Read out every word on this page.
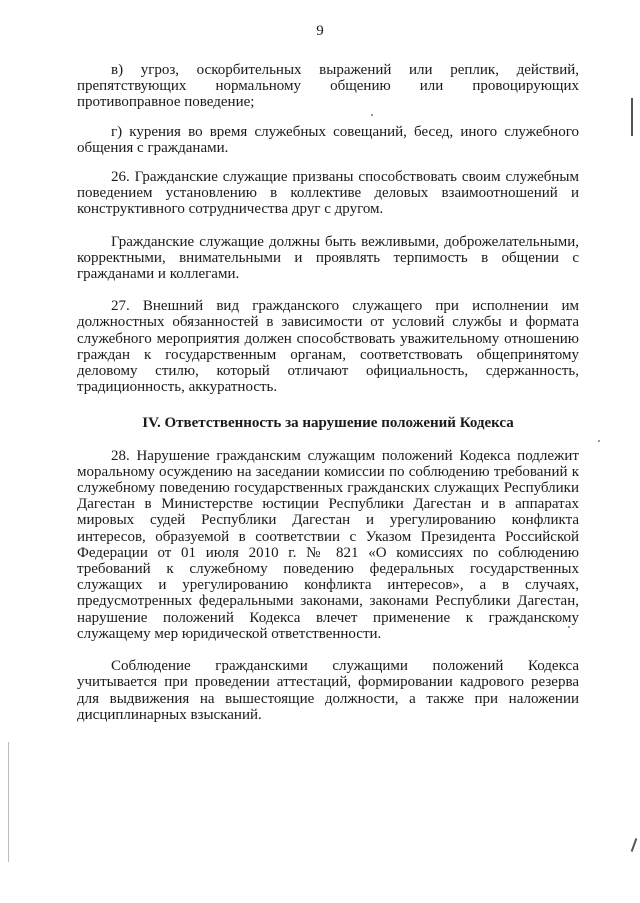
9

в) угроз, оскорбительных выражений или реплик, действий, препятствующих нормальному общению или провоцирующих противоправное поведение;

г) курения во время служебных совещаний, бесед, иного служебного общения с гражданами.

26. Гражданские служащие призваны способствовать своим служебным поведением установлению в коллективе деловых взаимоотношений и конструктивного сотрудничества друг с другом.

Гражданские служащие должны быть вежливыми, доброжелательными, корректными, внимательными и проявлять терпимость в общении с гражданами и коллегами.

27. Внешний вид гражданского служащего при исполнении им должностных обязанностей в зависимости от условий службы и формата служебного мероприятия должен способствовать уважительному отношению граждан к государственным органам, соответствовать общепринятому деловому стилю, который отличают официальность, сдержанность, традиционность, аккуратность.

IV. Ответственность за нарушение положений Кодекса

28. Нарушение гражданским служащим положений Кодекса подлежит моральному осуждению на заседании комиссии по соблюдению требований к служебному поведению государственных гражданских служащих Республики Дагестан в Министерстве юстиции Республики Дагестан и в аппаратах мировых судей Республики Дагестан и урегулированию конфликта интересов, образуемой в соответствии с Указом Президента Российской Федерации от 01 июля 2010 г. № 821 «О комиссиях по соблюдению требований к служебному поведению федеральных государственных служащих и урегулированию конфликта интересов», а в случаях, предусмотренных федеральными законами, законами Республики Дагестан, нарушение положений Кодекса влечет применение к гражданскому служащему мер юридической ответственности.

Соблюдение гражданскими служащими положений Кодекса учитывается при проведении аттестаций, формировании кадрового резерва для выдвижения на вышестоящие должности, а также при наложении дисциплинарных взысканий.
